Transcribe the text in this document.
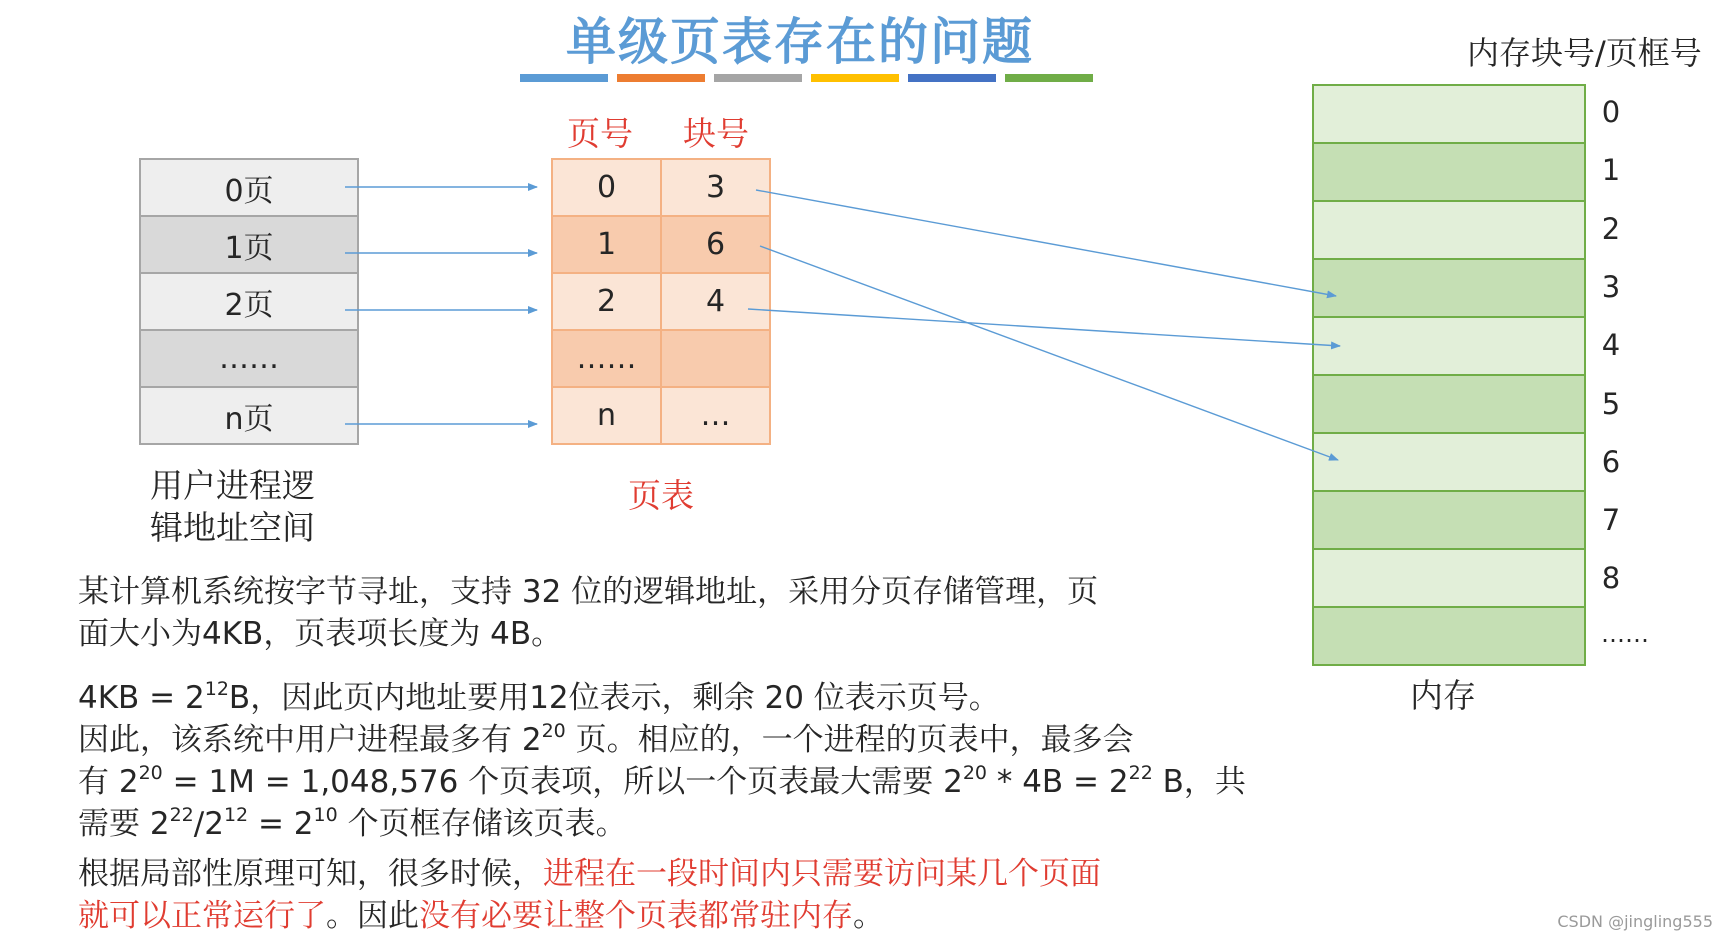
单级页表存在的问题
0页
1页
2页
……
n页
用户进程逻
辑地址空间
页号 块号
0	3
1	6
2	4
……	
n	…
页表
内存块号/页框号

0
1
2
3
4
5
6
7
8
……
内存
某计算机系统按字节寻址，支持 32 位的逻辑地址，采用分页存储管理，页
面大小为4KB，页表项长度为 4B。
$4KB = 2^{12}B$，因此页内地址要用12位表示，剩余 20 位表示页号。
因此，该系统中用户进程最多有 $2^{20}$ 页。相应的，一个进程的页表中，最多会
有 $2^{20} = 1M = 1,048,576$ 个页表项，所以一个页表最大需要 $2^{20} * 4B = 2^{22}$ B，共
需要 $2^{22}/2^{12} = 2^{10}$ 个页框存储该页表。
根据局部性原理可知，很多时候，进程在一段时间内只需要访问某几个页面
就可以正常运行了。因此没有必要让整个页表都常驻内存。	CSDN @jingling555
